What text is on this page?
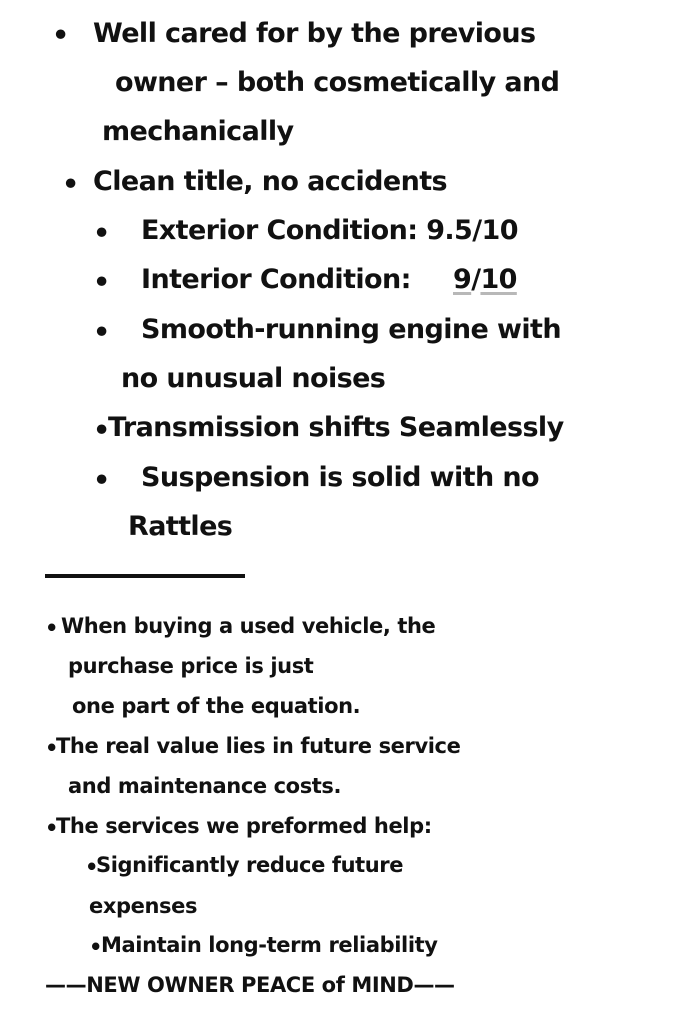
• Well cared for by the previous
owner – both cosmetically and
mechanically
• Clean title, no accidents
• Exterior Condition: 9.5/10
• Interior Condition: 9/10
• Smooth-running engine with
no unusual noises
•
Transmission shifts Seamlessly
• Suspension is solid with no
Rattles
• When buying a used vehicle, the
purchase price is just
one part of the equation.
•
The real value lies in future service
and maintenance costs.
•
The services we preformed help:
•
Significantly reduce future
expenses
•
Maintain long-term reliability
——NEW OWNER PEACE of MIND——
